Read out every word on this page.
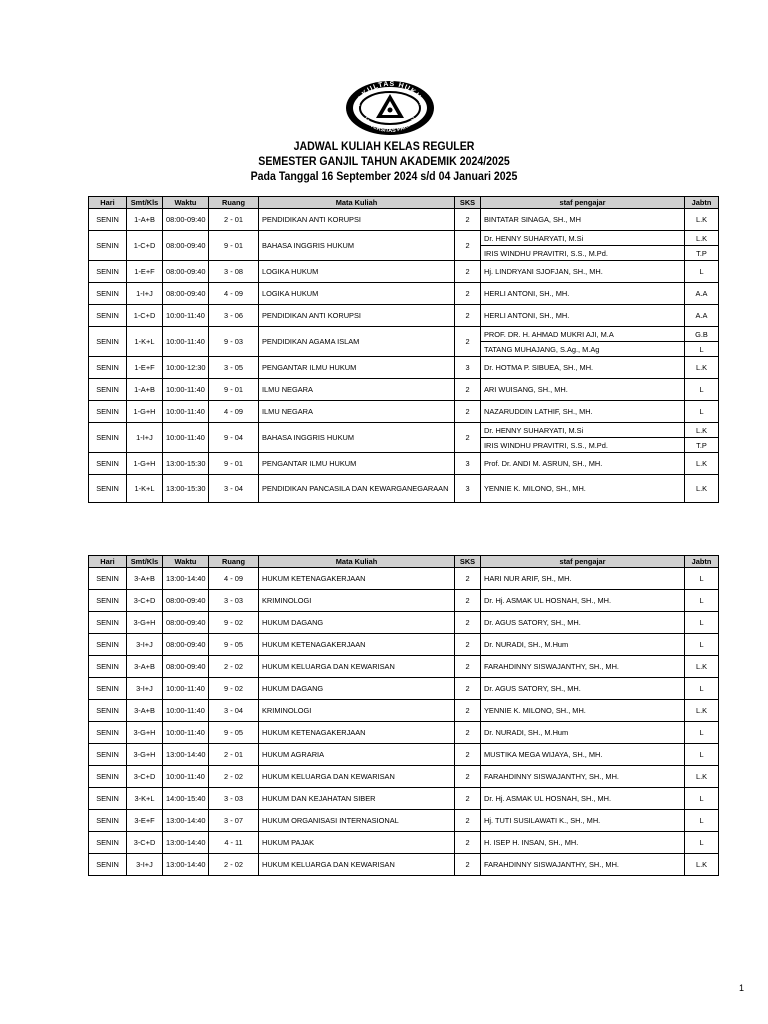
FAKULTAS HUKUM
UNIVERSITAS PAKUAN
JADWAL KULIAH KELAS REGULER
SEMESTER GANJIL TAHUN AKADEMIK 2024/2025
Pada Tanggal 16 September 2024 s/d 04 Januari 2025
Hari	Smt/Kls	Waktu	Ruang	Mata Kuliah	SKS	staf pengajar	Jabtn
SENIN	1-A+B	08:00-09:40	2 - 01	PENDIDIKAN ANTI KORUPSI	2	BINTATAR SINAGA, SH., MH	L.K
SENIN	1-C+D	08:00-09:40	9 - 01	BAHASA INGGRIS HUKUM	2	Dr. HENNY SUHARYATI, M.Si	L.K
						IRIS WINDHU PRAVITRI, S.S., M.Pd.	T.P
SENIN	1-E+F	08:00-09:40	3 - 08	LOGIKA HUKUM	2	Hj. LINDRYANI SJOFJAN, SH., MH.	L
SENIN	1-I+J	08:00-09:40	4 - 09	LOGIKA HUKUM	2	HERLI ANTONI, SH., MH.	A.A
SENIN	1-C+D	10:00-11:40	3 - 06	PENDIDIKAN ANTI KORUPSI	2	HERLI ANTONI, SH., MH.	A.A
SENIN	1-K+L	10:00-11:40	9 - 03	PENDIDIKAN AGAMA ISLAM	2	PROF. DR. H. AHMAD MUKRI AJI, M.A	G.B
						TATANG MUHAJANG, S.Ag., M.Ag	L
SENIN	1-E+F	10:00-12:30	3 - 05	PENGANTAR ILMU HUKUM	3	Dr. HOTMA P. SIBUEA, SH., MH.	L.K
SENIN	1-A+B	10:00-11:40	9 - 01	ILMU NEGARA	2	ARI WUISANG, SH., MH.	L
SENIN	1-G+H	10:00-11:40	4 - 09	ILMU NEGARA	2	NAZARUDDIN LATHIF, SH., MH.	L
SENIN	1-I+J	10:00-11:40	9 - 04	BAHASA INGGRIS HUKUM	2	Dr. HENNY SUHARYATI, M.Si	L.K
						IRIS WINDHU PRAVITRI, S.S., M.Pd.	T.P
SENIN	1-G+H	13:00-15:30	9 - 01	PENGANTAR ILMU HUKUM	3	Prof. Dr. ANDI M. ASRUN, SH., MH.	L.K
SENIN	1-K+L	13:00-15:30	3 - 04	PENDIDIKAN PANCASILA DAN KEWARGANEGARAAN	3	YENNIE K. MILONO, SH., MH.	L.K
Hari	Smt/Kls	Waktu	Ruang	Mata Kuliah	SKS	staf pengajar	Jabtn
SENIN	3-A+B	13:00-14:40	4 - 09	HUKUM KETENAGAKERJAAN	2	HARI NUR ARIF, SH., MH.	L
SENIN	3-C+D	08:00-09:40	3 - 03	KRIMINOLOGI	2	Dr. Hj. ASMAK UL HOSNAH, SH., MH.	L
SENIN	3-G+H	08:00-09:40	9 - 02	HUKUM DAGANG	2	Dr. AGUS SATORY, SH., MH.	L
SENIN	3-I+J	08:00-09:40	9 - 05	HUKUM KETENAGAKERJAAN	2	Dr. NURADI, SH., M.Hum	L
SENIN	3-A+B	08:00-09:40	2 - 02	HUKUM KELUARGA DAN KEWARISAN	2	FARAHDINNY SISWAJANTHY, SH., MH.	L.K
SENIN	3-I+J	10:00-11:40	9 - 02	HUKUM DAGANG	2	Dr. AGUS SATORY, SH., MH.	L
SENIN	3-A+B	10:00-11:40	3 - 04	KRIMINOLOGI	2	YENNIE K. MILONO, SH., MH.	L.K
SENIN	3-G+H	10:00-11:40	9 - 05	HUKUM KETENAGAKERJAAN	2	Dr. NURADI, SH., M.Hum	L
SENIN	3-G+H	13:00-14:40	2 - 01	HUKUM AGRARIA	2	MUSTIKA MEGA WIJAYA, SH., MH.	L
SENIN	3-C+D	10:00-11:40	2 - 02	HUKUM KELUARGA DAN KEWARISAN	2	FARAHDINNY SISWAJANTHY, SH., MH.	L.K
SENIN	3-K+L	14:00-15:40	3 - 03	HUKUM DAN KEJAHATAN SIBER	2	Dr. Hj. ASMAK UL HOSNAH, SH., MH.	L
SENIN	3-E+F	13:00-14:40	3 - 07	HUKUM ORGANISASI INTERNASIONAL	2	Hj. TUTI SUSILAWATI K., SH., MH.	L
SENIN	3-C+D	13:00-14:40	4 - 11	HUKUM PAJAK	2	H. ISEP H. INSAN, SH., MH.	L
SENIN	3-I+J	13:00-14:40	2 - 02	HUKUM KELUARGA DAN KEWARISAN	2	FARAHDINNY SISWAJANTHY, SH., MH.	L.K
1
